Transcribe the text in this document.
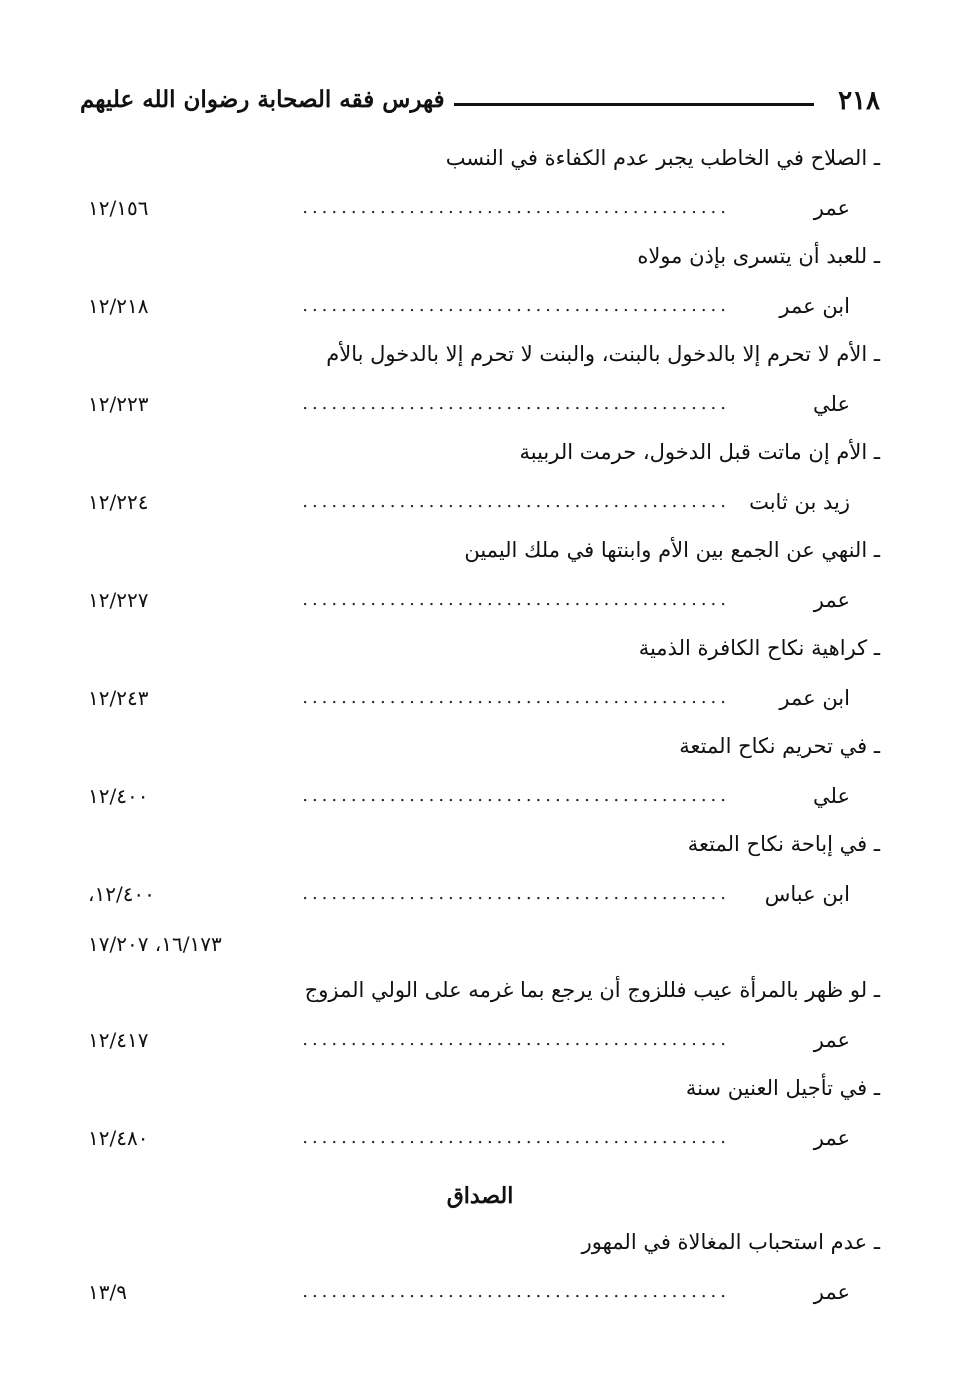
٢١٨
فهرس فقه الصحابة رضوان الله عليهم
ـ الصلاح في الخاطب يجبر عدم الكفاءة في النسب
عمر
............................................
١٢/١٥٦
ـ للعبد أن يتسرى بإذن مولاه
ابن عمر
............................................
١٢/٢١٨
ـ الأم لا تحرم إلا بالدخول بالبنت، والبنت لا تحرم إلا بالدخول بالأم
علي
............................................
١٢/٢٢٣
ـ الأم إن ماتت قبل الدخول، حرمت الربيبة
زيد بن ثابت
............................................
١٢/٢٢٤
ـ النهي عن الجمع بين الأم وابنتها في ملك اليمين
عمر
............................................
١٢/٢٢٧
ـ كراهية نكاح الكافرة الذمية
ابن عمر
............................................
١٢/٢٤٣
ـ في تحريم نكاح المتعة
علي
............................................
١٢/٤٠٠
ـ في إباحة نكاح المتعة
ابن عباس
............................................
١٢/٤٠٠،
١٦/١٧٣، ١٧/٢٠٧
ـ لو ظهر بالمرأة عيب فللزوج أن يرجع بما غرمه على الولي المزوج
عمر
............................................
١٢/٤١٧
ـ في تأجيل العنين سنة
عمر
............................................
١٢/٤٨٠
الصداق
ـ عدم استحباب المغالاة في المهور
عمر
............................................
١٣/٩
